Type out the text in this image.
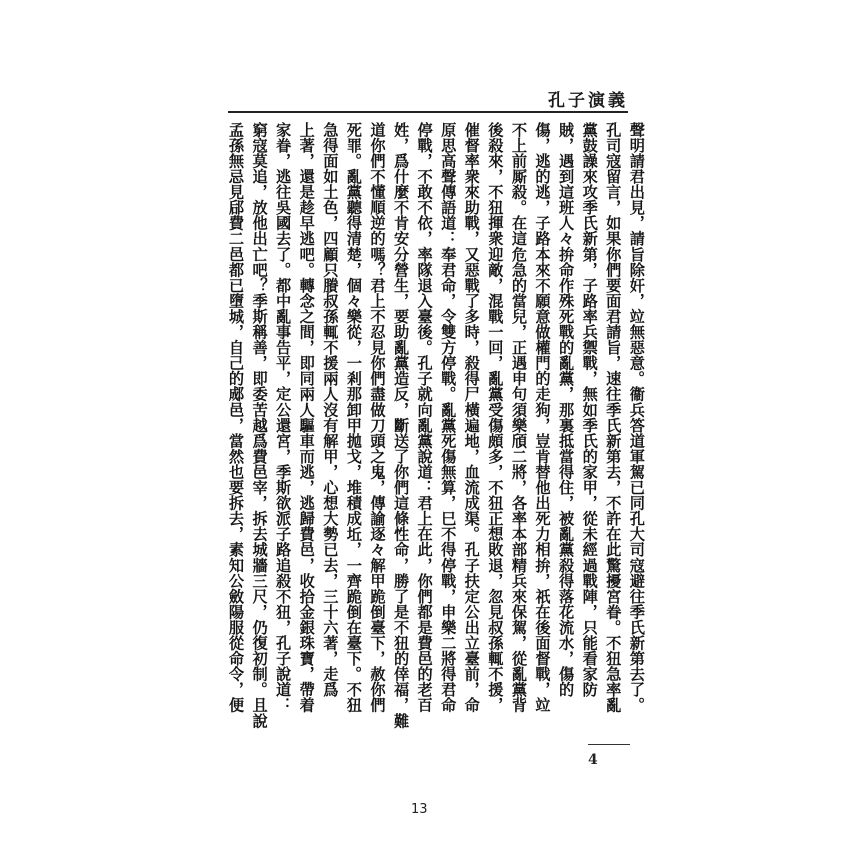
孔子演義
聲明請君出見，請旨除奸，竝無惡意。衞兵答道軍駕已同孔大司寇避往季氏新第去了。
孔司寇留言，如果你們要面君請旨，速往季氏新第去，不許在此驚擾宮眷。不狃急率亂
黨鼓譟來攻季氏新第，子路率兵禦戰，無如季氏的家甲，從未經過戰陣，只能看家防
賊，遇到這班人々拚命作殊死戰的亂黨，那裏抵當得住，被亂黨殺得落花流水，傷的
傷，逃的逃，子路本來不願意做權門的走狗，豈肯替他出死力相拚，祇在後面督戰，竝
不上前厮殺。在這危急的當兒，正遇申句須樂頎二將，各率本部精兵來保駕，從亂黨背
後殺來，不狃揮衆迎敵，混戰一回，亂黨受傷頗多，不狃正想敗退，忽見叔孫輒不援，
催督率衆來助戰，又惡戰了多時，殺得尸橫遍地，血流成渠。孔子扶定公出立臺前，命
原思高聲傳語道：奉君命，令雙方停戰。亂黨死傷無算，巳不得停戰，申樂二將得君命
停戰，不敢不依，率隊退入臺後。孔子就向亂黨說道：君上在此，你們都是費邑的老百
姓，爲什麼不肯安分營生，要助亂黨造反，斷送了你們這條性命，勝了是不狃的倖福，難
道你們不懂順逆的嗎？君上不忍見你們盡做刀頭之鬼，傳諭逐々解甲跪倒臺下，赦你們
死罪。亂黨聽得清楚，個々樂從，一剎那卸甲拋戈，堆積成坵，一齊跪倒在臺下。不狃
急得面如土色，四顧只賸叔孫輒不援兩人沒有解甲，心想大勢已去，三十六著，走爲
上著，還是趁早逃吧。轉念之間，即同兩人驅車而逃，逃歸費邑，收拾金銀珠寶，帶着
家眷，逃往吳國去了。都中亂事告平，定公還宮，季斯欲派子路追殺不狃，孔子說道：
窮寇莫追，放他出亡吧？季斯稱善，即委苦越爲費邑宰，拆去城牆三尺，仍復初制。且說
孟孫無忌見郈費二邑都已墮城，自己的郕邑，當然也要拆去，素知公斂陽服從命令，便
4
13
